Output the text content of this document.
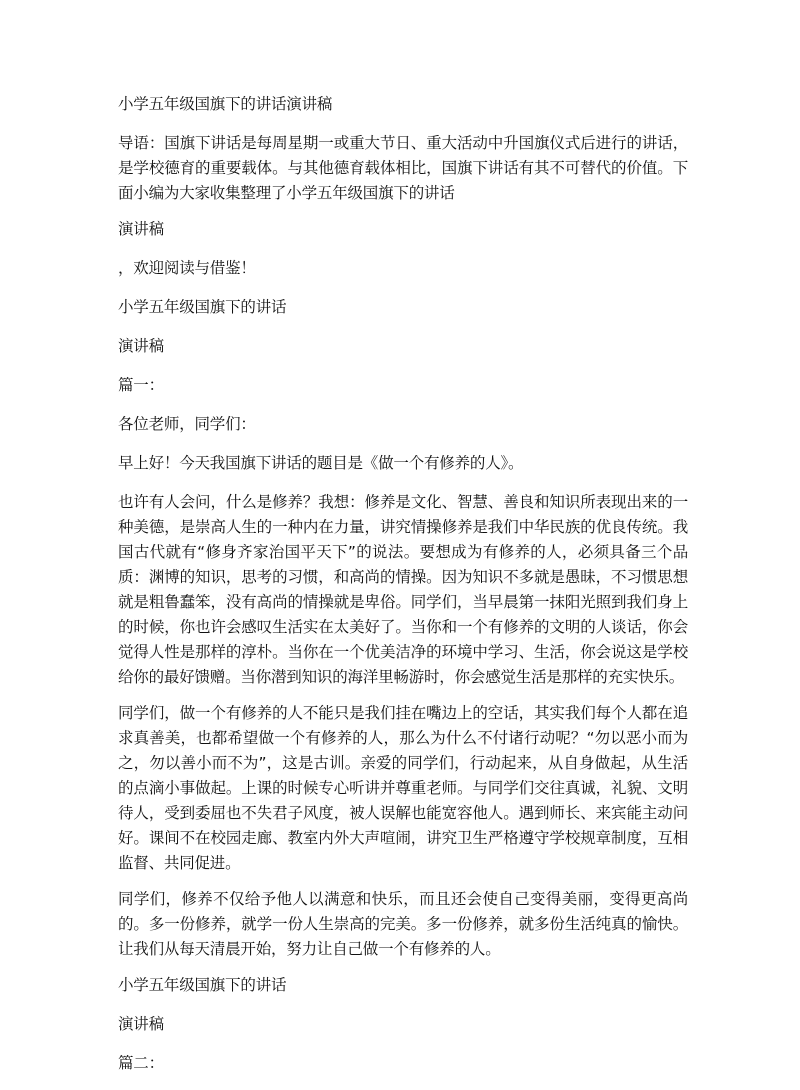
小学五年级国旗下的讲话演讲稿

导语：国旗下讲话是每周星期一或重大节日、重大活动中升国旗仪式后进行的讲话，是学校德育的重要载体。与其他德育载体相比，国旗下讲话有其不可替代的价值。下面小编为大家收集整理了小学五年级国旗下的讲话

演讲稿

，欢迎阅读与借鉴！

小学五年级国旗下的讲话

演讲稿

篇一：

各位老师，同学们：

早上好！今天我国旗下讲话的题目是《做一个有修养的人》。

也许有人会问，什么是修养？我想：修养是文化、智慧、善良和知识所表现出来的一种美德，是崇高人生的一种内在力量，讲究情操修养是我们中华民族的优良传统。我国古代就有“修身齐家治国平天下”的说法。要想成为有修养的人，必须具备三个品质：渊博的知识，思考的习惯，和高尚的情操。因为知识不多就是愚昧，不习惯思想就是粗鲁蠢笨，没有高尚的情操就是卑俗。同学们，当早晨第一抹阳光照到我们身上的时候，你也许会感叹生活实在太美好了。当你和一个有修养的文明的人谈话，你会觉得人性是那样的淳朴。当你在一个优美洁净的环境中学习、生活，你会说这是学校给你的最好馈赠。当你潜到知识的海洋里畅游时，你会感觉生活是那样的充实快乐。

同学们，做一个有修养的人不能只是我们挂在嘴边上的空话，其实我们每个人都在追求真善美，也都希望做一个有修养的人，那么为什么不付诸行动呢？“勿以恶小而为之，勿以善小而不为”，这是古训。亲爱的同学们，行动起来，从自身做起，从生活的点滴小事做起。上课的时候专心听讲并尊重老师。与同学们交往真诚，礼貌、文明待人，受到委屈也不失君子风度，被人误解也能宽容他人。遇到师长、来宾能主动问好。课间不在校园走廊、教室内外大声喧闹，讲究卫生严格遵守学校规章制度，互相监督、共同促进。

同学们，修养不仅给予他人以满意和快乐，而且还会使自己变得美丽，变得更高尚的。多一份修养，就学一份人生崇高的完美。多一份修养，就多份生活纯真的愉快。让我们从每天清晨开始，努力让自己做一个有修养的人。

小学五年级国旗下的讲话

演讲稿

篇二：
